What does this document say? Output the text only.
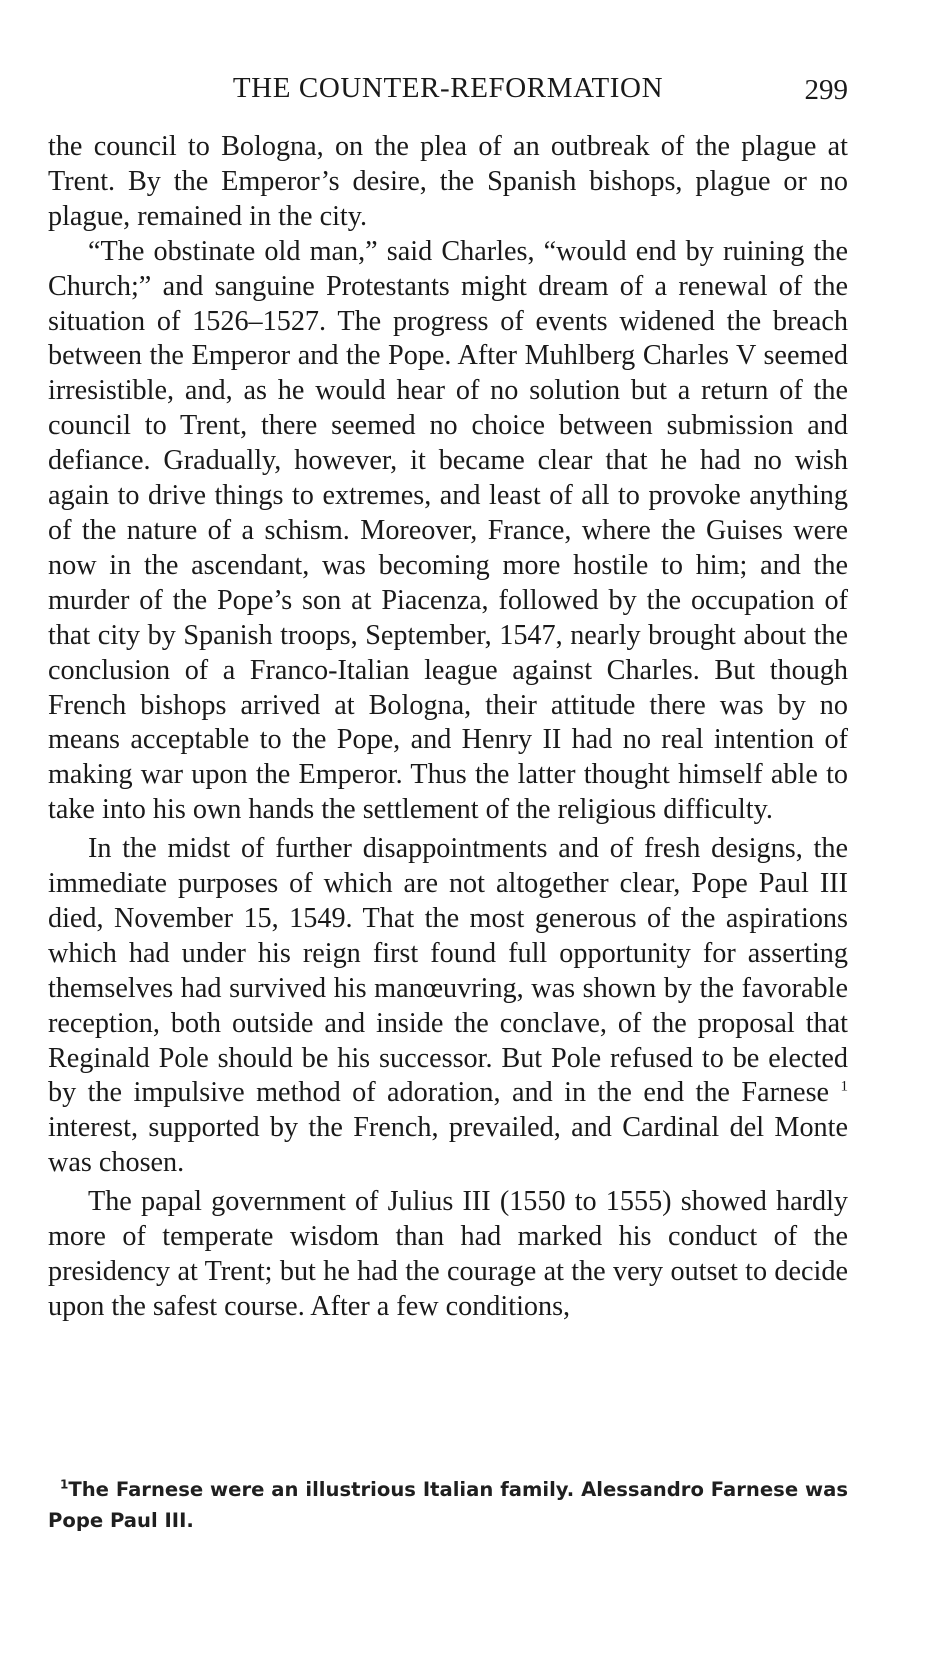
THE COUNTER-REFORMATION	299

the council to Bologna, on the plea of an outbreak of the plague at Trent. By the Emperor’s desire, the Spanish bishops, plague or no plague, remained in the city.

“The obstinate old man,” said Charles, “would end by ruining the Church;” and sanguine Protestants might dream of a renewal of the situation of 1526–1527. The progress of events widened the breach between the Emperor and the Pope. After Muhlberg Charles V seemed irresistible, and, as he would hear of no solution but a return of the council to Trent, there seemed no choice between submission and defiance. Gradually, however, it became clear that he had no wish again to drive things to extremes, and least of all to provoke anything of the nature of a schism. Moreover, France, where the Guises were now in the ascendant, was becoming more hostile to him; and the murder of the Pope’s son at Piacenza, followed by the occupation of that city by Spanish troops, September, 1547, nearly brought about the conclusion of a Franco-Italian league against Charles. But though French bishops arrived at Bologna, their attitude there was by no means acceptable to the Pope, and Henry II had no real intention of making war upon the Emperor. Thus the latter thought himself able to take into his own hands the settlement of the religious difficulty.

In the midst of further disappointments and of fresh designs, the immediate purposes of which are not altogether clear, Pope Paul III died, November 15, 1549. That the most generous of the aspirations which had under his reign first found full opportunity for asserting themselves had survived his manœuvring, was shown by the favorable reception, both outside and inside the conclave, of the proposal that Reginald Pole should be his successor. But Pole refused to be elected by the impulsive method of adoration, and in the end the Farnese $^1$ interest, supported by the French, prevailed, and Cardinal del Monte was chosen.

The papal government of Julius III (1550 to 1555) showed hardly more of temperate wisdom than had marked his conduct of the presidency at Trent; but he had the courage at the very outset to decide upon the safest course. After a few conditions,

$^1$The Farnese were an illustrious Italian family. Alessandro Farnese was Pope Paul III.
